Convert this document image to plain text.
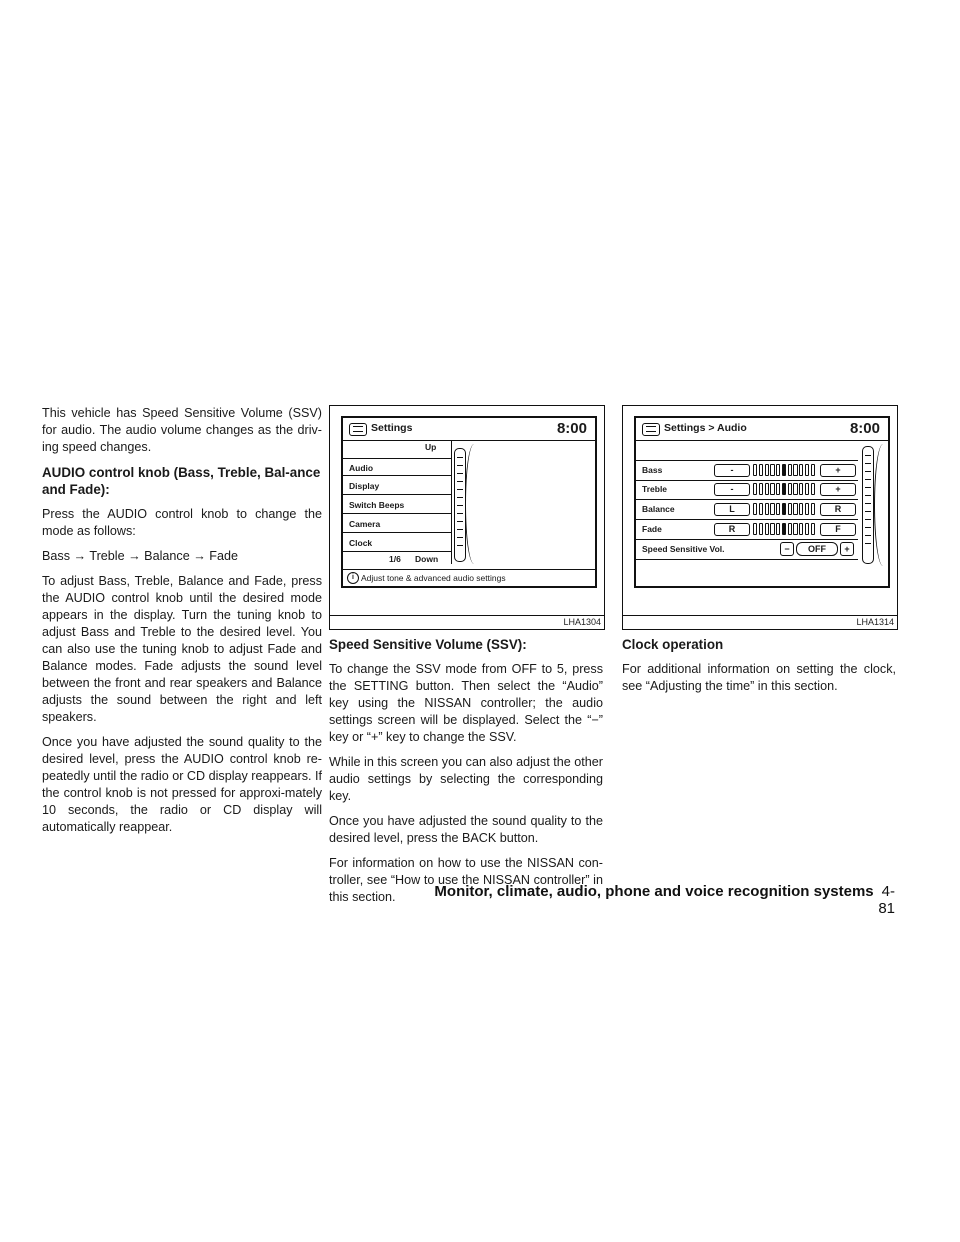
This vehicle has Speed Sensitive Volume (SSV) for audio. The audio volume changes as the driv-ing speed changes.

AUDIO control knob (Bass, Treble, Bal-ance and Fade):

Press the AUDIO control knob to change the mode as follows:

Bass → Treble → Balance → Fade

To adjust Bass, Treble, Balance and Fade, press the AUDIO control knob until the desired mode appears in the display. Turn the tuning knob to adjust Bass and Treble to the desired level. You can also use the tuning knob to adjust Fade and Balance modes. Fade adjusts the sound level between the front and rear speakers and Balance adjusts the sound between the right and left speakers.

Once you have adjusted the sound quality to the desired level, press the AUDIO control knob re-peatedly until the radio or CD display reappears. If the control knob is not pressed for approxi-mately 10 seconds, the radio or CD display will automatically reappear.

Settings	8:00
Up
Audio
Display
Switch Beeps
Camera
Clock
1/6 Down
i Adjust tone & advanced audio settings
LHA1304
Settings > Audio	8:00
Bass	-	+
Treble	-	+
Balance	L	R
Fade	R	F
Speed Sensitive Vol.	−	OFF	+
LHA1314
Speed Sensitive Volume (SSV):

To change the SSV mode from OFF to 5, press the SETTING button. Then select the “Audio” key using the NISSAN controller; the audio settings screen will be displayed. Select the “−” key or “+” key to change the SSV.

While in this screen you can also adjust the other audio settings by selecting the corresponding key.

Once you have adjusted the sound quality to the desired level, press the BACK button.

For information on how to use the NISSAN con-troller, see “How to use the NISSAN controller” in this section.

Clock operation

For additional information on setting the clock, see “Adjusting the time” in this section.

Monitor, climate, audio, phone and voice recognition systems 4-81
